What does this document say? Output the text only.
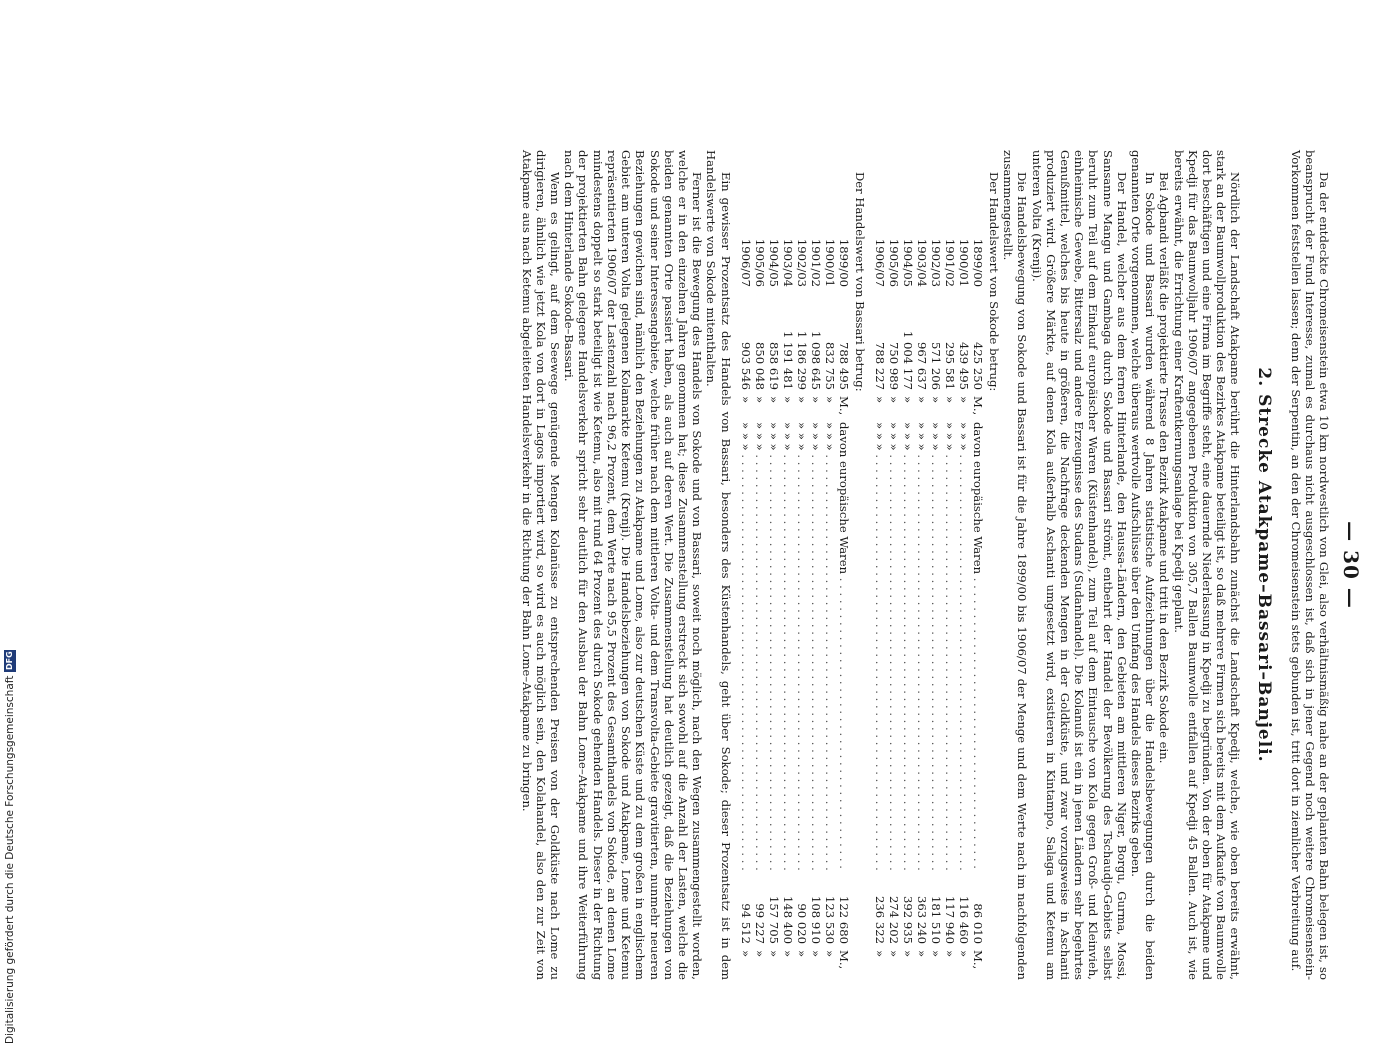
— 30 —

Da der entdeckte Chromeisenstein etwa 10 km nordwestlich von Glei, also verhältnismäßig nahe an der geplanten Bahn belegen ist, so beansprucht der Fund Interesse, zumal es durchaus nicht ausgeschlossen ist, daß sich in jener Gegend noch weitere Chromeisenstein-Vorkommen feststellen lassen; denn der Serpentin, an den der Chromeisenstein stets gebunden ist, tritt dort in ziemlicher Verbreitung auf.

2. Strecke Atakpame–Bassari–Banjeli.

Nördlich der Landschaft Atakpame berührt die Hinterlandsbahn zunächst die Landschaft Kpedji, welche, wie oben bereits erwähnt, stark an der Baumwollproduktion des Bezirkes Atakpame beteiligt ist, so daß mehrere Firmen sich bereits mit dem Aufkaufe von Baumwolle dort beschäftigen und eine Firma im Begriffe steht, eine dauernde Niederlassung in Kpedji zu begründen. Von der oben für Atakpame und Kpedji für das Baumwolljahr 1906/07 angegebenen Produktion von 305,7 Ballen Baumwolle entfallen auf Kpedji 45 Ballen. Auch ist, wie bereits erwähnt, die Errichtung einer Kraftentkernungsanlage bei Kpedji geplant.

Bei Agbandi verläßt die projektierte Trasse den Bezirk Atakpame und tritt in den Bezirk Sokode ein.

In Sokode und Bassari wurden während 8 Jahren statistische Aufzeichnungen über die Handelsbewegungen durch die beiden genannten Orte vorgenommen, welche überaus wertvolle Aufschlüsse über den Umfang des Handels dieses Bezirks geben.

Der Handel, welcher aus dem fernen Hinterlande, den Haussa-Ländern, den Gebieten am mittleren Niger, Borgu, Gurma, Mossi, Sansanne Mangu und Gambaga durch Sokode und Bassari strömt, entbehrt der Handel der Bevölkerung des Tschaudjo-Gebiets selbst beruht zum Teil auf dem Einkauf europäischer Waren (Küstenhandel), zum Teil auf dem Eintausche von Kola gegen Groß- und Kleinvieh, einheimische Gewebe, Bittersalz und andere Erzeugnisse des Sudans (Sudanhandel). Die Kolanuß ist ein in jenen Ländern sehr begehrtes Genußmittel, welches bis heute in größeren, die Nachfrage deckenden Mengen in der Goldküste, und zwar vorzugsweise in Aschanti produziert wird. Größere Märkte, auf denen Kola außerhalb Aschanti umgesetzt wird, existieren in Kintampo, Salaga und Ketemu am unteren Volta (Krenji).

Die Handelsbewegung von Sokode und Bassari ist für die Jahre 1899/00 bis 1906/07 der Menge und dem Werte nach im nachfolgenden zusammengestellt.

Der Handelswert von Sokode betrug:

1899/00
425 250
M.,
davon europäische Waren . . .
86 010
M.,
1900/01
439 495
»
» » » . . .
116 460
»
1901/02
295 581
»
» » » . . .
117 940
»
1902/03
571 206
»
» » » . . .
181 510
»
1903/04
967 637
»
» » » . . .
363 240
»
1904/05
1 004 177
»
» » » . . .
392 935
»
1905/06
750 989
»
» » » . . .
274 202
»
1906/07
788 227
»
» » » . . .
236 322
»

Der Handelswert von Bassari betrug:

1899/00
788 495
M.,
davon europäische Waren . . .
122 680
M.,
1900/01
832 755
»
» » » . . .
123 530
»
1901/02
1 098 645
»
» » » . . .
108 910
»
1902/03
1 186 299
»
» » » . . .
90 020
»
1903/04
1 191 481
»
» » » . . .
148 400
»
1904/05
858 619
»
» » » . . .
157 705
»
1905/06
850 048
»
» » » . . .
99 227
»
1906/07
903 546
»
» » » . . .
94 512
»

Ein gewisser Prozentsatz des Handels von Bassari, besonders des Küstenhandels, geht über Sokode; dieser Prozentsatz ist in dem Handelswerte von Sokode mitenthalten.

Ferner ist die Bewegung des Handels von Sokode und von Bassari, soweit noch möglich, nach den Wegen zusammengestellt worden, welche er in den einzelnen Jahren genommen hat; diese Zusammenstellung erstreckt sich sowohl auf die Anzahl der Lasten, welche die beiden genannten Orte passiert haben, als auch auf deren Wert. Die Zusammenstellung hat deutlich gezeigt, daß die Beziehungen von Sokode und seiner Interessengebiete, welche früher nach dem mittleren Volta- und dem Transvolta-Gebiete gravitierten, nunmehr neueren Beziehungen gewichen sind, nämlich den Beziehungen zu Atakpame und Lome, also zur deutschen Küste und zu dem großen in englischem Gebiet am unteren Volta gelegenen Kolamarkte Ketemu (Krenji). Die Handelsbeziehungen von Sokode und Atakpame, Lome und Ketemu repräsentierten 1906/07 der Lastenzahl nach 96,2 Prozent, dem Werte nach 95,5 Prozent des Gesamthandels von Sokode, an denen Lome mindestens doppelt so stark beteiligt ist wie Ketemu, also mit rund 64 Prozent des durch Sokode gehenden Handels. Dieser in der Richtung der projektierten Bahn gelegene Handelsverkehr spricht sehr deutlich für den Ausbau der Bahn Lome–Atakpame und ihre Weiterführung nach dem Hinterlande Sokode–Bassari.

Wenn es gelingt, auf dem Seewege genügende Mengen Kolanüsse zu entsprechenden Preisen von der Goldküste nach Lome zu dirigieren, ähnlich wie jetzt Kola von dort in Lagos importiert wird, so wird es auch möglich sein, den Kolahandel, also den zur Zeit von Atakpame aus nach Ketemu abgeleiteten Handelsverkehr in die Richtung der Bahn Lome–Atakpame zu bringen.

Digitalisierung gefördert durch die Deutsche Forschungsgemeinschaft
DFG
